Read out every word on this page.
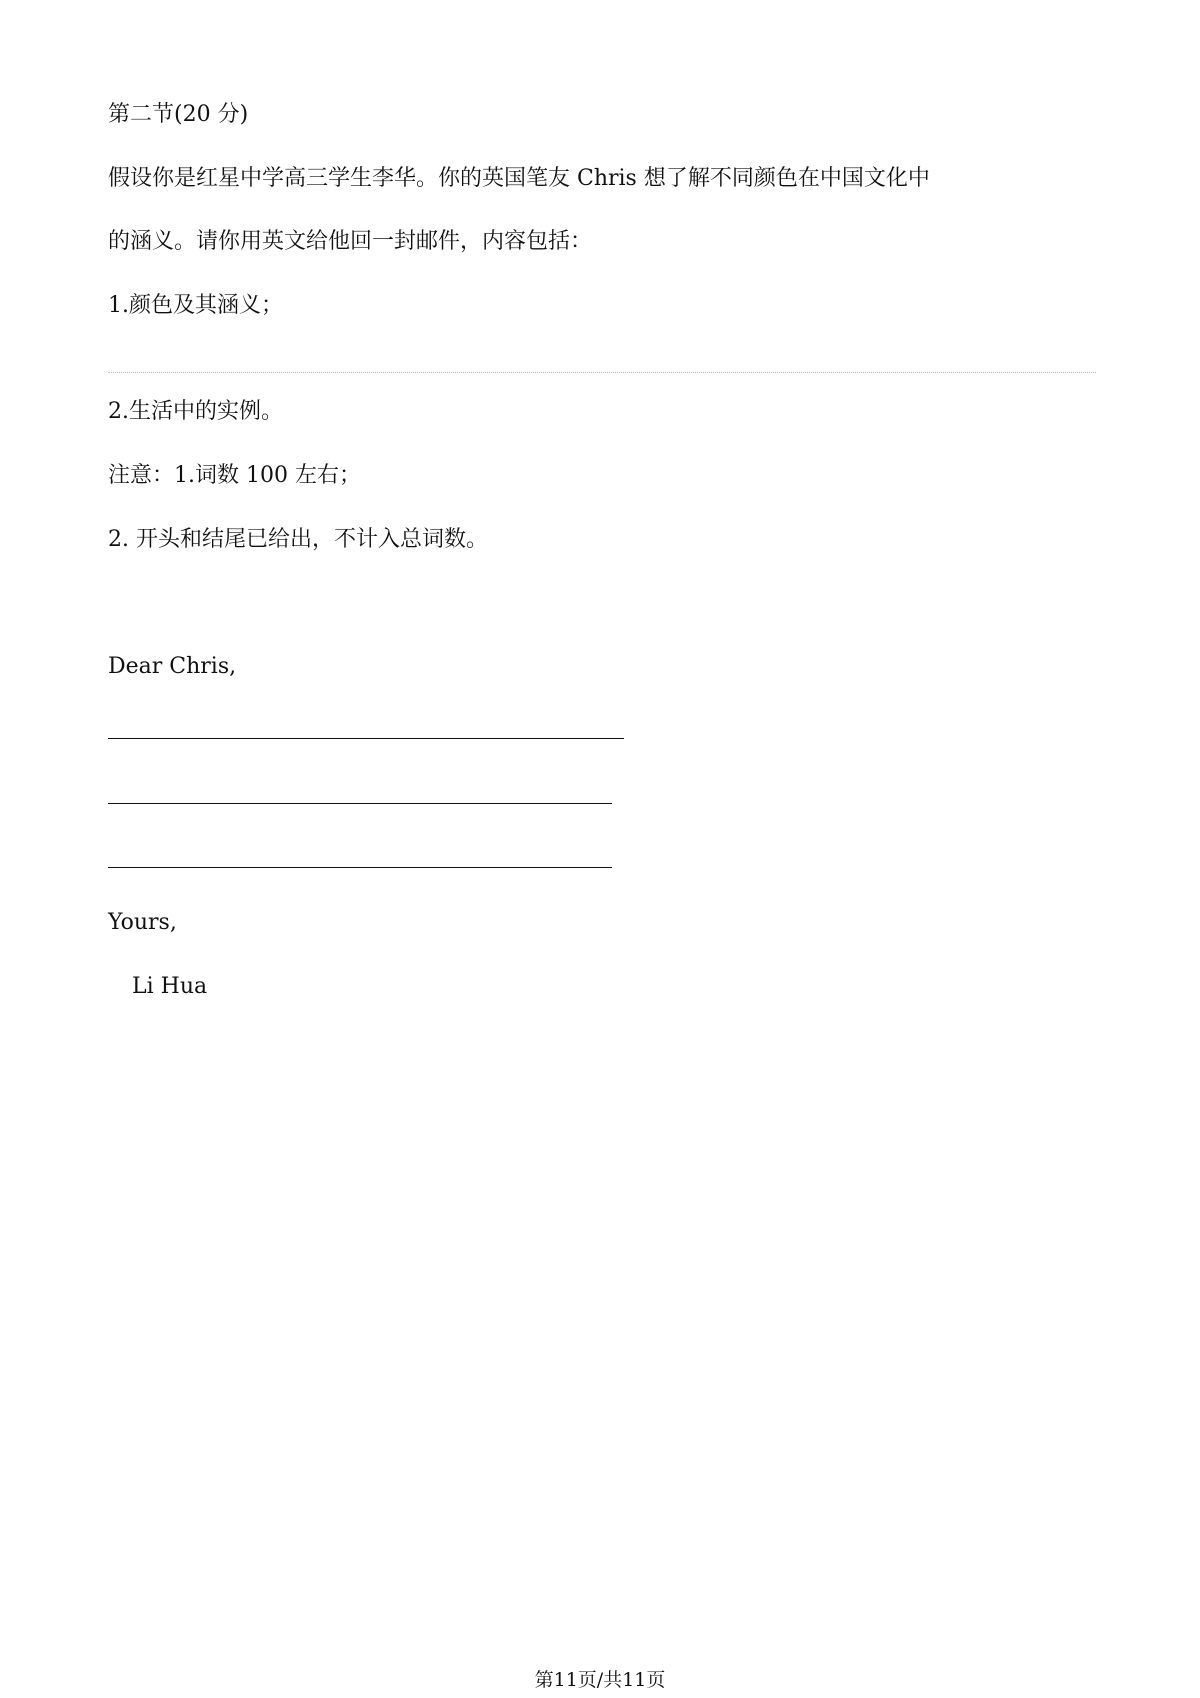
第二节(20 分)
假设你是红星中学高三学生李华。你的英国笔友 Chris 想了解不同颜色在中国文化中
的涵义。请你用英文给他回一封邮件，内容包括：
1.颜色及其涵义；
2.生活中的实例。
注意：1.词数 100 左右；
2. 开头和结尾已给出，不计入总词数。
Dear Chris,
Yours,
Li Hua
第11页/共11页
